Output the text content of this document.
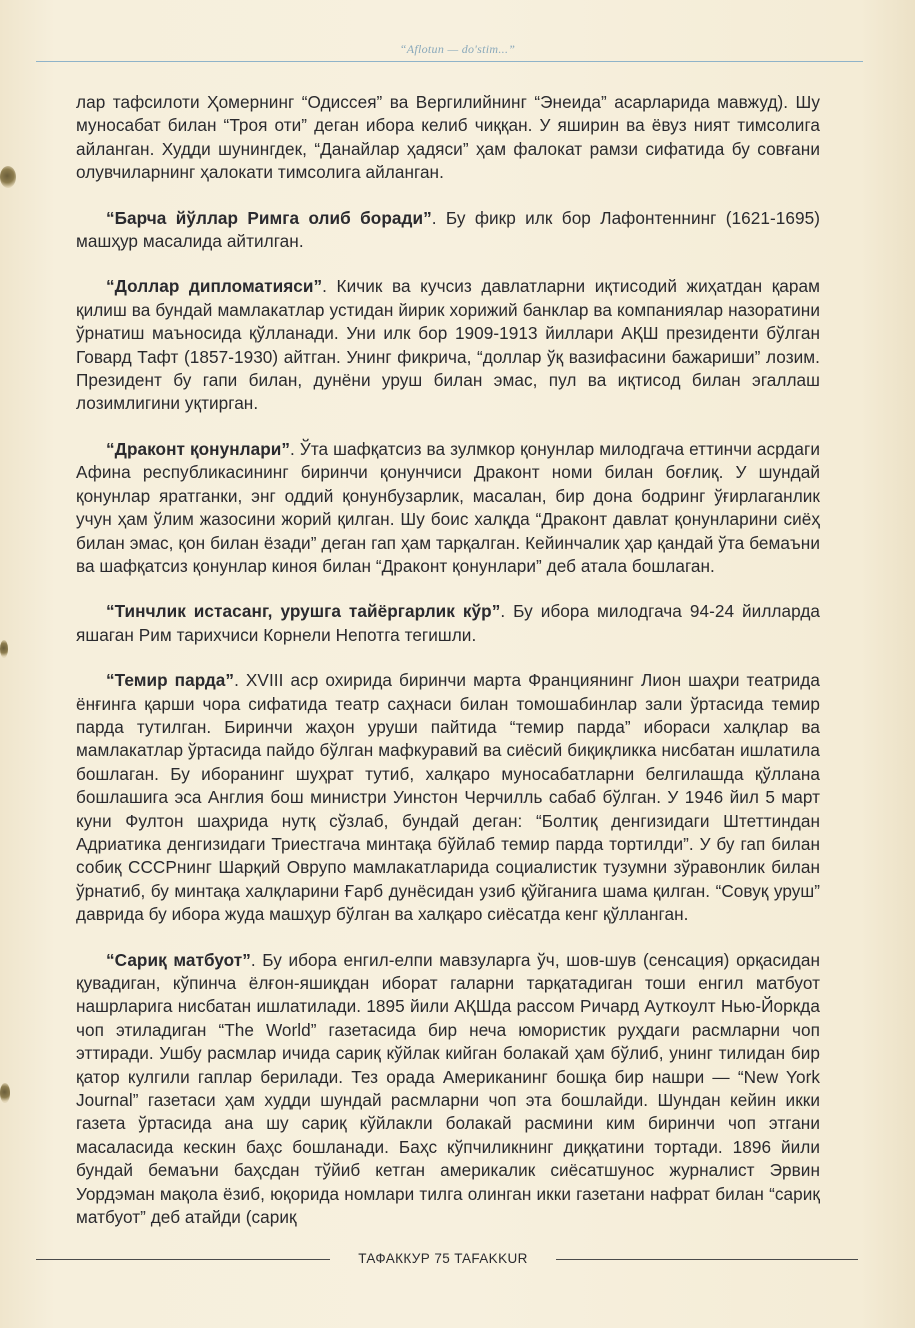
“Aflotun — do'stim...”

лар тафсилоти Ҳомернинг “Одиссея” ва Вергилийнинг “Энеида” асарларида мавжуд). Шу муносабат билан “Троя оти” деган ибора келиб чиққан. У яширин ва ёвуз ният тимсолига айланган. Худди шунингдек, “Данайлар ҳадяси” ҳам фалокат рамзи сифатида бу совғани олувчиларнинг ҳалокати тимсолига айланган.

“Барча йўллар Римга олиб боради”. Бу фикр илк бор Лафонтеннинг (1621-1695) машҳур масалида айтилган.

“Доллар дипломатияси”. Кичик ва кучсиз давлатларни иқтисодий жиҳатдан қарам қилиш ва бундай мамлакатлар устидан йирик хорижий банклар ва компаниялар назоратини ўрнатиш маъносида қўлланади. Уни илк бор 1909-1913 йиллари АҚШ президенти бўлган Говард Тафт (1857-1930) айтган. Унинг фикрича, “доллар ўқ вазифасини бажариши” лозим. Президент бу гапи билан, дунёни уруш билан эмас, пул ва иқтисод билан эгаллаш лозимлигини уқтирган.

“Драконт қонунлари”. Ўта шафқатсиз ва зулмкор қонунлар милодгача еттинчи асрдаги Афина республикасининг биринчи қонунчиси Драконт номи билан боғлиқ. У шундай қонунлар яратганки, энг оддий қонунбузарлик, масалан, бир дона бодринг ўғирлаганлик учун ҳам ўлим жазосини жорий қилган. Шу боис халқда “Драконт давлат қонунларини сиёҳ билан эмас, қон билан ёзади” деган гап ҳам тарқалган. Кейинчалик ҳар қандай ўта бемаъни ва шафқатсиз қонунлар киноя билан “Драконт қонунлари” деб атала бошлаган.

“Тинчлик истасанг, урушга тайёргарлик кўр”. Бу ибора милодгача 94-24 йилларда яшаган Рим тарихчиси Корнели Непотга тегишли.

“Темир парда”. XVIII аср охирида биринчи марта Франциянинг Лион шаҳри театрида ёнғинга қарши чора сифатида театр саҳнаси билан томошабинлар зали ўртасида темир парда тутилган. Биринчи жаҳон уруши пайтида “темир парда” ибораси халқлар ва мамлакатлар ўртасида пайдо бўлган мафкуравий ва сиёсий биқиқликка нисбатан ишлатила бошлаган. Бу иборанинг шуҳрат тутиб, халқаро муносабатларни белгилашда қўллана бошлашига эса Англия бош министри Уинстон Черчилль сабаб бўлган. У 1946 йил 5 март куни Фултон шаҳрида нутқ сўзлаб, бундай деган: “Болтиқ денгизидаги Штеттиндан Адриатика денгизидаги Триестгача минтақа бўйлаб темир парда тортилди”. У бу гап билан собиқ СССРнинг Шарқий Оврупо мамлакатларида социалистик тузумни зўравонлик билан ўрнатиб, бу минтақа халқларини Ғарб дунёсидан узиб қўйганига шама қилган. “Совуқ уруш” даврида бу ибора жуда машҳур бўлган ва халқаро сиёсатда кенг қўлланган.

“Сариқ матбуот”. Бу ибора енгил-елпи мавзуларга ўч, шов-шув (сенсация) орқасидан қувадиган, кўпинча ёлғон-яшиқдан иборат галарни тарқатадиган тоши енгил матбуот нашрларига нисбатан ишлатилади. 1895 йили АҚШда рассом Ричард Ауткоулт Нью-Йоркда чоп этиладиган “The World” газетасида бир неча юмористик руҳдаги расмларни чоп эттиради. Ушбу расмлар ичида сариқ кўйлак кийган болакай ҳам бўлиб, унинг тилидан бир қатор кулгили гаплар берилади. Тез орада Американинг бошқа бир нашри — “New York Journal” газетаси ҳам худди шундай расмларни чоп эта бошлайди. Шундан кейин икки газета ўртасида ана шу сариқ кўйлакли болакай расмини ким биринчи чоп этгани масаласида кескин баҳс бошланади. Баҳс кўпчиликнинг диққатини тортади. 1896 йили бундай бемаъни баҳсдан тўйиб кетган америкалик сиёсатшунос журналист Эрвин Уордэман мақола ёзиб, юқорида номлари тилга олинган икки газетани нафрат билан “сариқ матбуот” деб атайди (сариқ

ТАФАККУР 75 TAFAKKUR
